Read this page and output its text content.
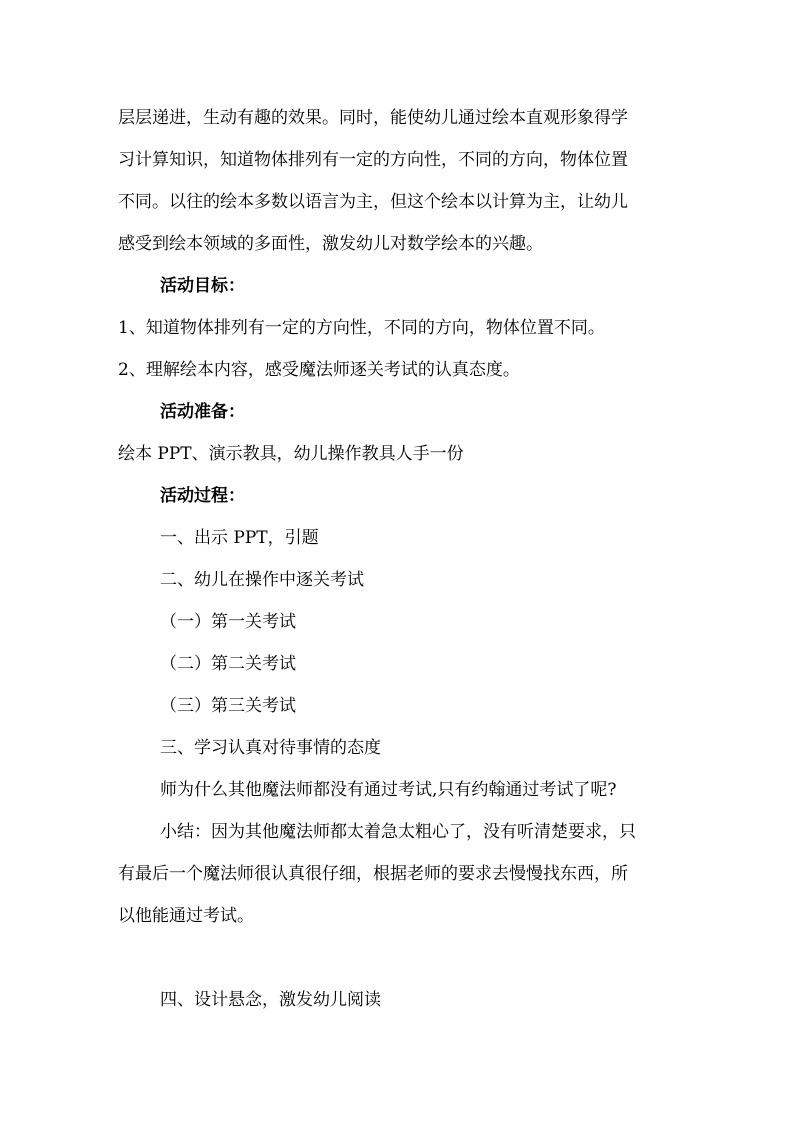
层层递进，生动有趣的效果。同时，能使幼儿通过绘本直观形象得学
习计算知识，知道物体排列有一定的方向性，不同的方向，物体位置
不同。以往的绘本多数以语言为主，但这个绘本以计算为主，让幼儿
感受到绘本领域的多面性，激发幼儿对数学绘本的兴趣。
活动目标：
1、知道物体排列有一定的方向性，不同的方向，物体位置不同。
2、理解绘本内容，感受魔法师逐关考试的认真态度。
活动准备：
绘本 PPT、演示教具，幼儿操作教具人手一份
活动过程：
一、出示 PPT，引题
二、幼儿在操作中逐关考试
（一）第一关考试
（二）第二关考试
（三）第三关考试
三、学习认真对待事情的态度
师为什么其他魔法师都没有通过考试,只有约翰通过考试了呢?
小结：因为其他魔法师都太着急太粗心了，没有听清楚要求，只
有最后一个魔法师很认真很仔细，根据老师的要求去慢慢找东西，所
以他能通过考试。
四、设计悬念，激发幼儿阅读
